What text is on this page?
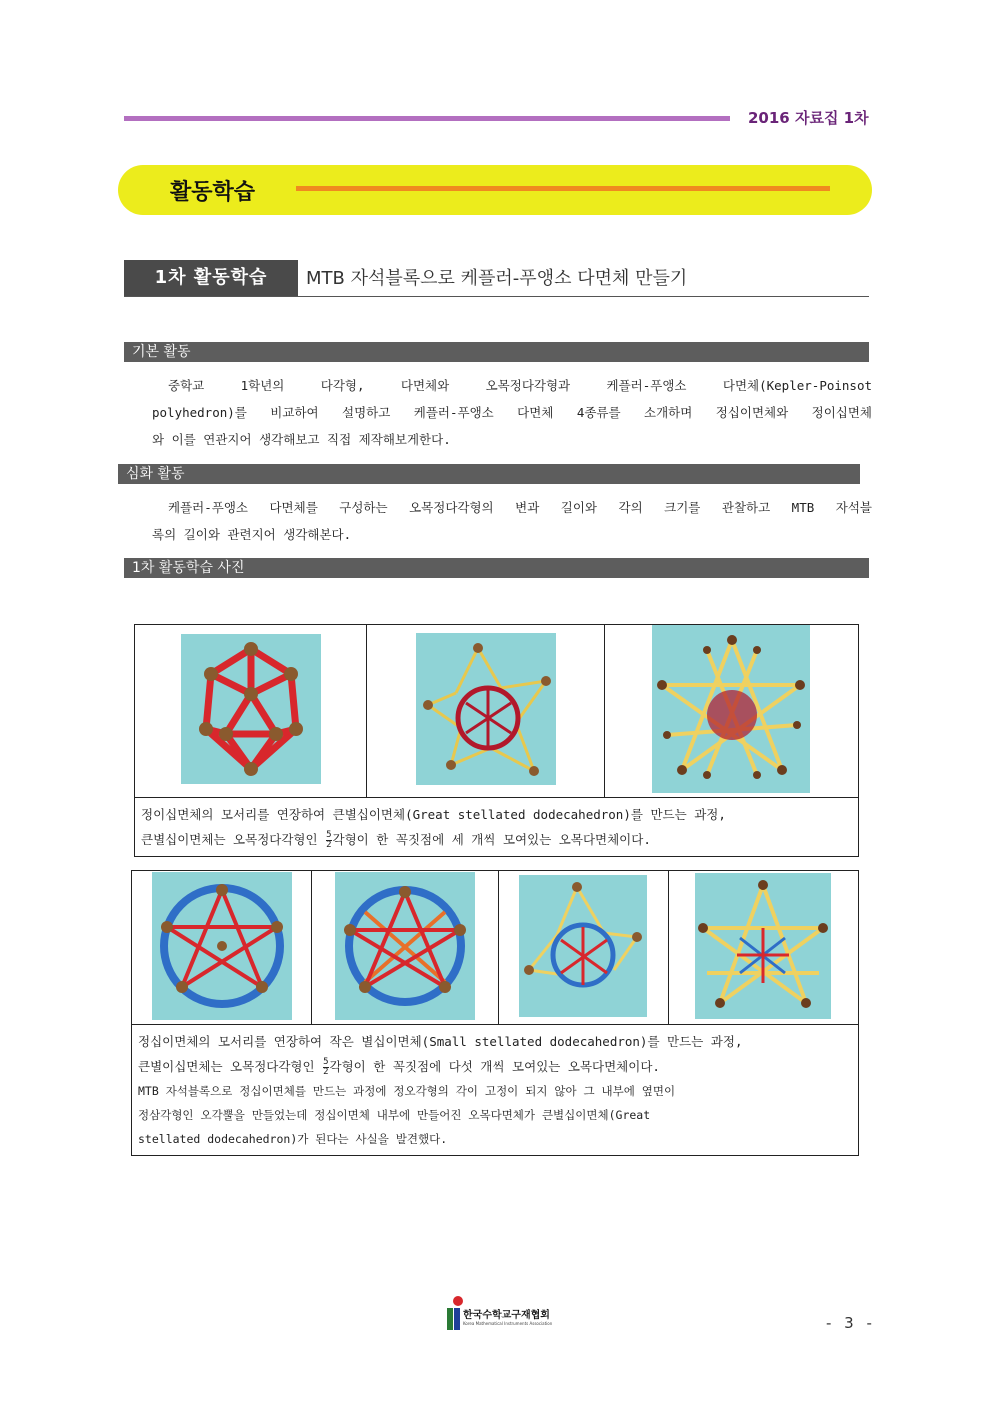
2016 자료집 1차
활동학습
1차 활동학습	MTB 자석블록으로 케플러-푸앵소 다면체 만들기
기본 활동

중학교 1학년의 다각형, 다면체와 오목정다각형과 케플러-푸앵소 다면체(Kepler-Poinsot

polyhedron)를 비교하여 설명하고 케플러-푸앵소 다면체 4종류를 소개하며 정십이면체와 정이십면체

와 이를 연관지어 생각해보고 직접 제작해보게한다.

심화 활동

케플러-푸앵소 다면체를 구성하는 오목정다각형의 변과 길이와 각의 크기를 관찰하고 MTB 자석블

록의 길이와 관련지어 생각해본다.

1차 활동학습 사진

정이십면체의 모서리를 연장하여 큰별십이면체(Great stellated dodecahedron)를 만드는 과정,
큰별십이면체는 오목정다각형인 $\frac{5}{2}$ 각형이 한 꼭짓점에 세 개씩 모여있는 오목다면체이다.

정십이면체의 모서리를 연장하여 작은 별십이면체(Small stellated dodecahedron)를 만드는 과정,
큰별이십면체는 오목정다각형인 $\frac{5}{2}$ 각형이 한 꼭짓점에 다섯 개씩 모여있는 오목다면체이다.
MTB 자석블록으로 정십이면체를 만드는 과정에 정오각형의 각이 고정이 되지 않아 그 내부에 옆면이
정삼각형인 오각뿔을 만들었는데 정십이면체 내부에 만들어진 오목다면체가 큰별십이면체(Great
stellated dodecahedron)가 된다는 사실을 발견했다.
한국수학교구재협회
Korea Mathematical Instruments Association	- 3 -
